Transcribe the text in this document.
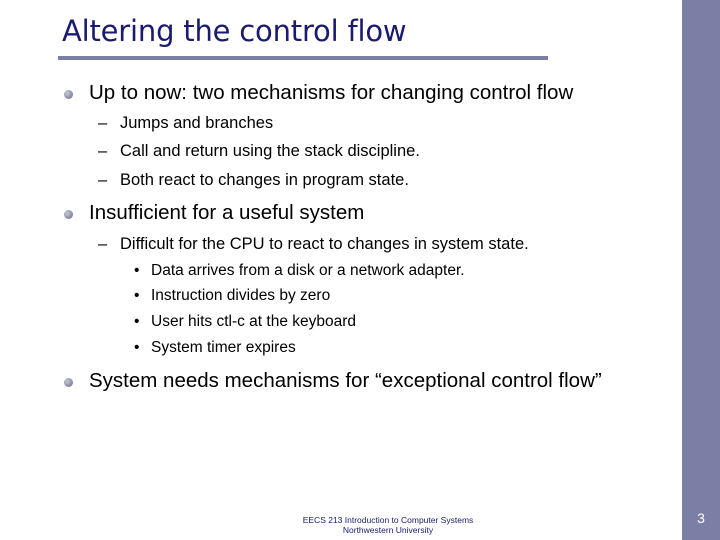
Altering the control flow
Up to now: two mechanisms for changing control flow
– Jumps and branches
– Call and return using the stack discipline.
– Both react to changes in program state.
Insufficient for a useful system
– Difficult for the CPU to react to changes in system state.
• Data arrives from a disk or a network adapter.
• Instruction divides by zero
• User hits ctl-c at the keyboard
• System timer expires
System needs mechanisms for “exceptional control flow”
EECS 213 Introduction to Computer Systems
Northwestern University
3
